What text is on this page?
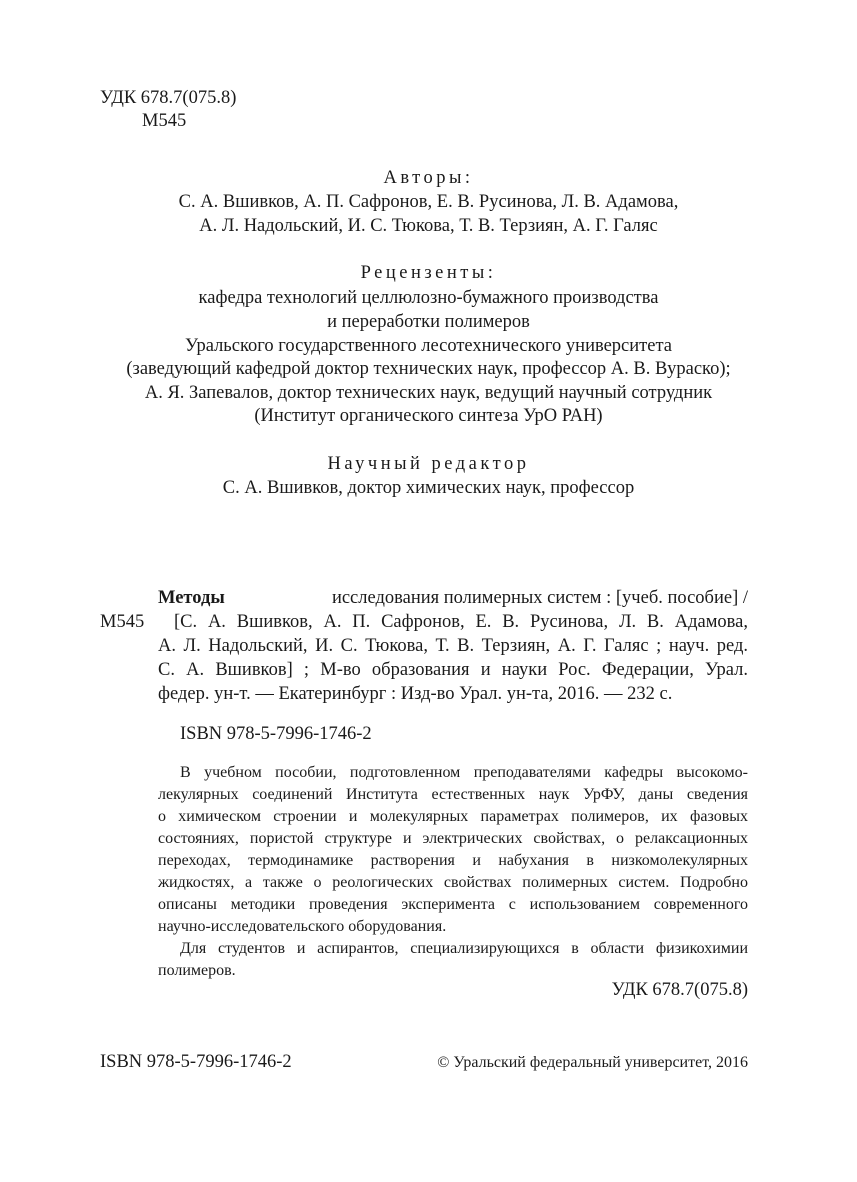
УДК 678.7(075.8)

М545

Авторы:

С. А. Вшивков, А. П. Сафронов, Е. В. Русинова, Л. В. Адамова,

А. Л. Надольский, И. С. Тюкова, Т. В. Терзиян, А. Г. Галяс

Рецензенты:

кафедра технологий целлюлозно-бумажного производства

и переработки полимеров

Уральского государственного лесотехнического университета

(заведующий кафедрой доктор технических наук, профессор А. В. Вураско);

А. Я. Запевалов, доктор технических наук, ведущий научный сотрудник

(Институт органического синтеза УрО РАН)

Научный редактор

С. А. Вшивков, доктор химических наук, профессор

Методы	исследования полимерных систем : [учеб. пособие] /

М545 [С. А. Вшивков, А. П. Сафронов, Е. В. Русинова, Л. В. Адамова,
А. Л. Надольский, И. С. Тюкова, Т. В. Терзиян, А. Г. Галяс ; науч. ред.
С. А. Вшивков] ; М-во образования и науки Рос. Федерации, Урал.
федер. ун-т. — Екатеринбург : Изд-во Урал. ун-та, 2016. — 232 с.

ISBN 978-5-7996-1746-2

В учебном пособии, подготовленном преподавателями кафедры высокомо-
лекулярных соединений Института естественных наук УрФУ, даны сведения
о химическом строении и молекулярных параметрах полимеров, их фазовых
состояниях, пористой структуре и электрических свойствах, о релаксационных
переходах, термодинамике растворения и набухания в низкомолекулярных
жидкостях, а также о реологических свойствах полимерных систем. Подробно
описаны методики проведения эксперимента с использованием современного
научно-исследовательского оборудования.
Для студентов и аспирантов, специализирующихся в области физикохимии
полимеров.
УДК 678.7(075.8)

ISBN 978-5-7996-1746-2	© Уральский федеральный университет, 2016
